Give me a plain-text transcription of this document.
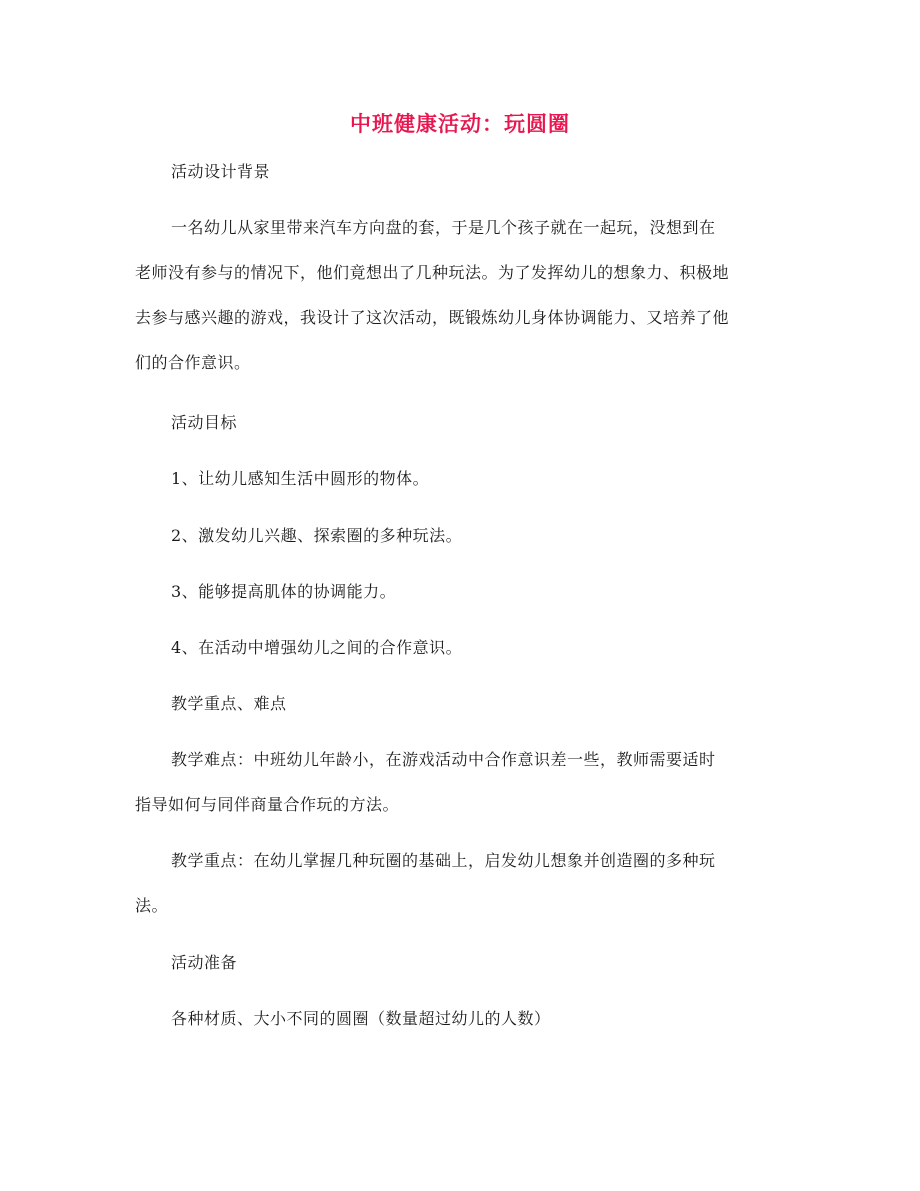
中班健康活动：玩圆圈

活动设计背景

一名幼儿从家里带来汽车方向盘的套，于是几个孩子就在一起玩，没想到在
老师没有参与的情况下，他们竟想出了几种玩法。为了发挥幼儿的想象力、积极地
去参与感兴趣的游戏，我设计了这次活动，既锻炼幼儿身体协调能力、又培养了他
们的合作意识。

活动目标

1、让幼儿感知生活中圆形的物体。

2、激发幼儿兴趣、探索圈的多种玩法。

3、能够提高肌体的协调能力。

4、在活动中增强幼儿之间的合作意识。

教学重点、难点

教学难点：中班幼儿年龄小，在游戏活动中合作意识差一些，教师需要适时
指导如何与同伴商量合作玩的方法。

教学重点：在幼儿掌握几种玩圈的基础上，启发幼儿想象并创造圈的多种玩
法。

活动准备

各种材质、大小不同的圆圈（数量超过幼儿的人数）
